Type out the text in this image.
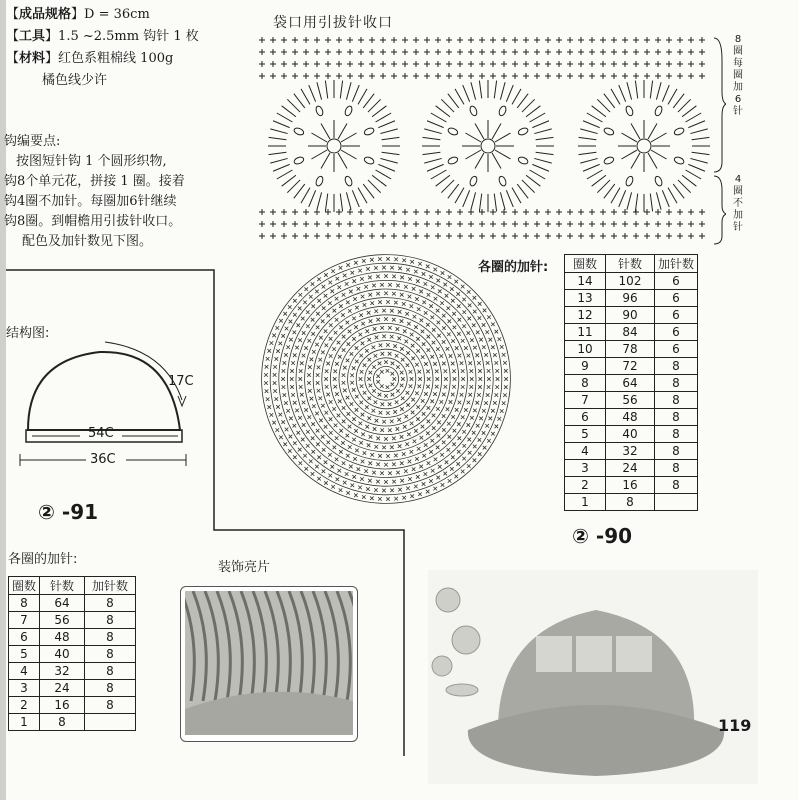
【成品规格】D = 36cm
【工具】1.5 ~2.5mm 钩针 1 枚
【材料】红色系粗棉线 100g
橘色线少许

钩编要点:

按图短针钩 1 个圆形织物,

钩8个单元花，拼接 1 圈。接着

钩4圈不加针。每圈加6针继续

钩8圈。到帽檐用引拔针收口。

配色及加针数见下图。

袋口用引拔针收口
8圈每圈加6针
4圈不加针
结构图:
17C
54C
36C
② -91
各圈的加针:
圈数	针数	加针数
8	64	8
7	56	8
6	48	8
5	40	8
4	32	8
3	24	8
2	16	8
1	8	
装饰亮片
各圈的加针: 圈数	针数	加针数
14	102	6
13	96	6
12	90	6
11	84	6
10	78	6
9	72	8
8	64	8
7	56	8
6	48	8
5	40	8
4	32	8
3	24	8
2	16	8
1	8	
② -90
119
